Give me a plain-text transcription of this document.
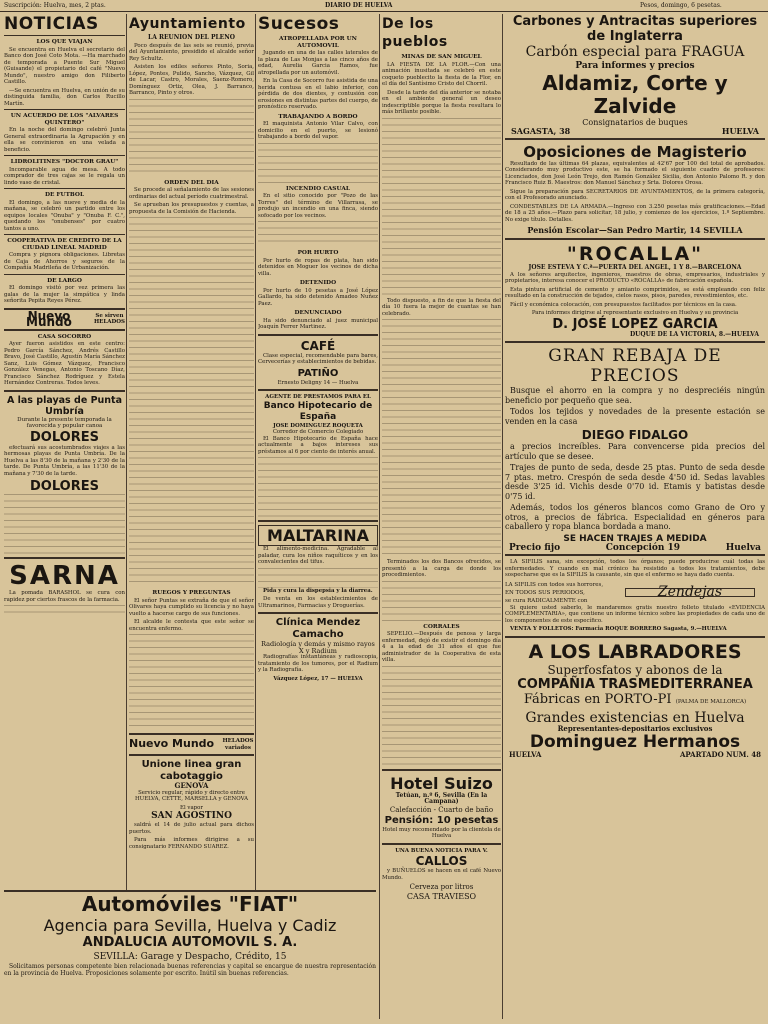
Suscripción: Huelva, mes, 2 ptas.	DIARIO DE HUELVA	Pesos, domingo, 6 pesetas.
NOTICIAS
LOS QUE VIAJAN

Se encuentra en Huelva el secretario del Banco don José Coto Mota. —Ha marchado de temporada a Puente Sur Miguel (Guisande) el propietario del café "Nuevo Mundo", nuestro amigo don Filiberto Castillo.

—Se encuentra en Huelva, en unión de su distinguida familia, don Carlos Rucillo Martín.

UN ACUERDO DE LOS "ALVARES QUINTERO"

En la noche del domingo celebró Junta General extraordinaria la Agrupación y en ella se convinieron en una velada a beneficio.

LIDROLITINES "DOCTOR GRAU"

Incomparable agua de mesa. A todo comprador de tres cajas se le regala un lindo vaso de cristal.

DE FUTBOL

El domingo, a las nueve y media de la mañana, se celebró un partido entre los equipos locales "Onuba" y "Onuba F. C.", quedando los "onubenses" por cuatro tantos a uno.

COOPERATIVA DE CREDITO DE LA CIUDAD LINEAL MADRID

Compra y pignora obligaciones. Libretas de Caja de Ahorros y seguros de la Compañía Madrileña de Urbanización.

DE LARGO

El domingo visitó por vez primera las galas de la mujer la simpática y linda señorita Pepita Reyes Pérez.

Nuevo Mundo	Se sirven HELADOS
CASA SOCORRO

Ayer fueron asistidos en este centro: Pedro García Sánchez, Andrés Castillo Bravo, José Castillo, Agustín María Sánchez Sanz, Luis Gómez Vázquez, Francisco González Venegas, Antonio Toscano Díaz, Francisco Sánchez Rodríguez y Estela Hernández Contreras. Todos leves.

A las playas de Punta Umbría
Durante la presente temporada la favorecida y popular canoa
DOLORES

efectuará sus acostumbrados viajes a las hermosas playas de Punta Umbría. De la Huelva a las 8'30 de la mañana y 2'30 de la tarde. De Punta Umbría, a las 11'30 de la mañana y 7'30 de la tarde.

DOLORES
SARNA

La pomada BARASHOL se cura con rapidez por ciertos frascos de la farmacia.

Automóviles "FIAT"
Agencia para Sevilla, Huelva y Cadiz
ANDALUCIA AUTOMOVIL S. A.
SEVILLA: Garage y Despacho, Crédito, 15

Solicitamos personas competente bien relacionada buenas referencias y capital se encargue de nuestra representación en la provincia de Huelva. Proposiciones solamente por escrito. Inútil sin buenas referencias.

Ayuntamiento
LA REUNION DEL PLENO

Poco después de las seis se reunió, previa del Ayuntamiento, presidido el alcalde señor Rey Schultz.

Asisten los ediles señores Pinto, Soria, López, Pontes, Pulido, Sancho, Vázquez, Gil de Lacar, Castro, Morales, Saenz-Romero, Domínguez Ortiz, Olea, J. Barranco, Barranco, Pinto y otros.

ORDEN DEL DIA

Se procede al señalamiento de las sesiones ordinarias del actual período cuatrimestral.

Se aprueban los presupuestos y cuentas, a propuesta de la Comisión de Hacienda.

RUEGOS Y PREGUNTAS

El señor Puntas se extraña de que el señor Olivares haya cumplido su licencia y no haya vuelto a hacerse cargo de sus funciones.

El alcalde le contesta que este señor se encuentra enfermo.

Nuevo Mundo HELADOS variados
Unione linea gran cabotaggio
GENOVA

Servicio regular, rápido y directo entre HUELVA, CETTE, MARSELLA y GENOVA

El vapor
SAN AGOSTINO

saldrá el 14 de julio actual para dichos puertos.

Para más informes dirigirse a su consignatario FERNANDO SUAREZ.

Sucesos
ATROPELLADA POR UN AUTOMOVIL

Jugando en una de las calles laterales de la plaza de Las Monjas a las cinco años de edad, Aurelia Garcia Ramos, fue atropellada por un automóvil.

En la Casa de Socorro fue asistida de una herida contusa en el labio inferior, con pérdida de dos dientes, y contusión con erosiones en distintas partes del cuerpo, de pronóstico reservado.

TRABAJANDO A BORDO

El maquinista Antonio Vilar Calvo, con domicilio en el puerto, se lesionó trabajando a bordo del vapor.

INCENDIO CASUAL

En el sitio conocido por "Pozo de las Torres" del término de Villarrasa, se produjo un incendio en una finca, siendo sofocado por los vecinos.

POR HURTO

Por hurto de ropas de plata, han sido detenidos en Moguer los vecinos de dicha villa.

DETENIDO

Por hurto de 10 pesetas a José López Gallardo, ha sido detenido Amadeo Nuñez Paez.

DENUNCIADO

Ha sido denunciado al juez municipal Joaquín Ferrer Martinez.

CAFÉ

Clase especial, recomendable para bares, Cervecerías y establecimientos de bebidas.

PATIÑO
Ernesto Deligny 14 — Huelva
AGENTE DE PRESTAMOS PARA EL
Banco Hipotecario de España
JOSE DOMINGUEZ ROQUETA
Corredor de Comercio Colegiado

El Banco Hipotecario de España hace actualmente a bajos intereses sus préstamos al 6 por ciento de interés anual.

MALTARINA

El alimento-medicina. Agradable al paladar, cura los niños raquíticos y en los convalecientes del tifus.

Pida y cura la dispepsia y la diarrea.

De venta en los establecimientos de Ultramarinos, Farmacias y Droguerías.

Clínica Mendez Camacho
Radiología y demás y mismo rayos X y Radium

Radiografías instantáneas y radioscopia, tratamiento de los tumores, por el Radium y la Radiografía.

Vázquez López, 17 — HUELVA
De los pueblos
MINAS DE SAN MIGUEL

LA FIESTA DE LA FLOR.—Con una animación inusitada se celebró en este coqueto pueblecito la fiesta de la Flor, en el día del Santísimo Cristo del Chorril.

Desde la tarde del día anterior se notaba en el ambiente general un deseo indescriptible porque la fiesta resultara lo más brillante posible.

Todo dispuesto, a fin de que la fiesta del día 10 fuera la mejor de cuantas se han celebrado.

Terminados los dos Bancos ofrecidos, se presentó a la carga de donde los procedimientos.

CORRALES

SEPELIO.—Después de penosa y larga enfermedad, dejó de existir el domingo día 4 a la edad de 31 años el que fue administrador de la Cooperativa de esta villa.

Hotel Suizo
Tetúan, n.º 6, Sevilla (En la Campana)
Calefacción - Cuarto de baño
Pensión: 10 pesetas
Hotel muy recomendado por la clientela de Huelva
UNA BUENA NOTICIA PARA V.
CALLOS

y BUÑUELOS se hacen en el café Nuevo Mundo.

Cerveza por litros
CASA TRAVIESO
Carbones y Antracitas superiores de Inglaterra
Carbón especial para FRAGUA
Para informes y precios
Aldamiz, Corte y Zalvide
Consignatarios de buques
SAGASTA, 38	HUELVA
Oposiciones de Magisterio

Resultado de las últimas 64 plazas, equivalentes al 42'67 por 100 del total de aprobados. Considerando muy productivo este, se ha formado el siguiente cuadro de profesores: Licenciados, don José León Trejo, don Ramón González Sicilia, don Antonio Palomo R. y don Francisco Ruiz B. Maestros: don Manuel Sánchez y Srta. Dolores Orosa.

Sigue la preparación para SECRETARIOS DE AYUNTAMIENTOS, de la primera categoría, con el Profesorado anunciado.

CONDESTABLES DE LA ARMADA.—Ingreso con 3.250 pesetas más gratificaciones.—Edad de 18 a 25 años.—Plazo para solicitar, 18 julio, y comienzo de los ejercicios, 1.º Septiembre. No exige título. Detalles.

Pensión Escolar—San Pedro Martir, 14 SEVILLA
"ROCALLA"
JOSE ESTEVA Y C.ª—PUERTA DEL ANGEL, 1 Y 8.—BARCELONA

A los señores arquitectos, ingenieros, maestros de obras, empresarios, industriales y propietarios, interesa conocer el PRODUCTO «ROCALLA» de fabricación española.

Esta pintura artificial de cemento y amianto comprimidos, se está empleando con feliz resultado en la construcción de tejados, cielos rasos, pisos, paredes, revestimientos, etc.

Fácil y económica colocación, con presupuestos facilitados por técnicos en la casa.

Para informes dirigirse al representante exclusivo en Huelva y su provincia
D. JOSÉ LOPEZ GARCIA
DUQUE DE LA VICTORIA, 8.—HUELVA
GRAN REBAJA DE PRECIOS

Busque el ahorro en la compra y no despreciéis ningún beneficio por pequeño que sea.

Todos los tejidos y novedades de la presente estación se venden en la casa

DIEGO FIDALGO

a precios increíbles. Para convencerse pida precios del artículo que se desee.

Trajes de punto de seda, desde 25 ptas. Punto de seda desde 7 ptas. metro. Crespón de seda desde 4'50 id. Sedas lavables desde 3'25 id. Vichis desde 0'70 id. Etamis y batistas desde 0'75 id.

Además, todos los géneros blancos como Grano de Oro y otros, a precios de fábrica. Especialidad en géneros para caballero y ropa blanca bordada a mano.

SE HACEN TRAJES A MEDIDA
Precio fijo	Concepción 19	Huelva

LA SIFILIS sana, sin excepción, todos los órganos; puede producirse cuál todas las enfermedades. Y cuando en mal crónico ha resistido a todos los tratamientos, debe sospecharse que es la SIFILIS la causante, sin que el enfermo se haya dado cuenta.

LA SIFILIS con todos sus horrores,
EN TODOS SUS PERIODOS,
se cura RADICALMENTE con
Zendejas

Si quiere usted saberlo, le mandaremos gratis nuestro folleto titulado «EVIDENCIA COMPLEMENTARIA», que contiene un informe técnico sobre las propiedades de cada uno de los componentes de este específico.

VENTA Y FOLLETOS: Farmacia ROQUE BORRERO Sagasta, 9.—HUELVA

A LOS LABRADORES
Superfosfatos y abonos de la
COMPAÑIA TRASMEDITERRANEA
Fábricas en PORTO-PI (PALMA DE MALLORCA)
Grandes existencias en Huelva
Representantes-depositarios exclusivos
Dominguez Hermanos
HUELVA	APARTADO NUM. 48
